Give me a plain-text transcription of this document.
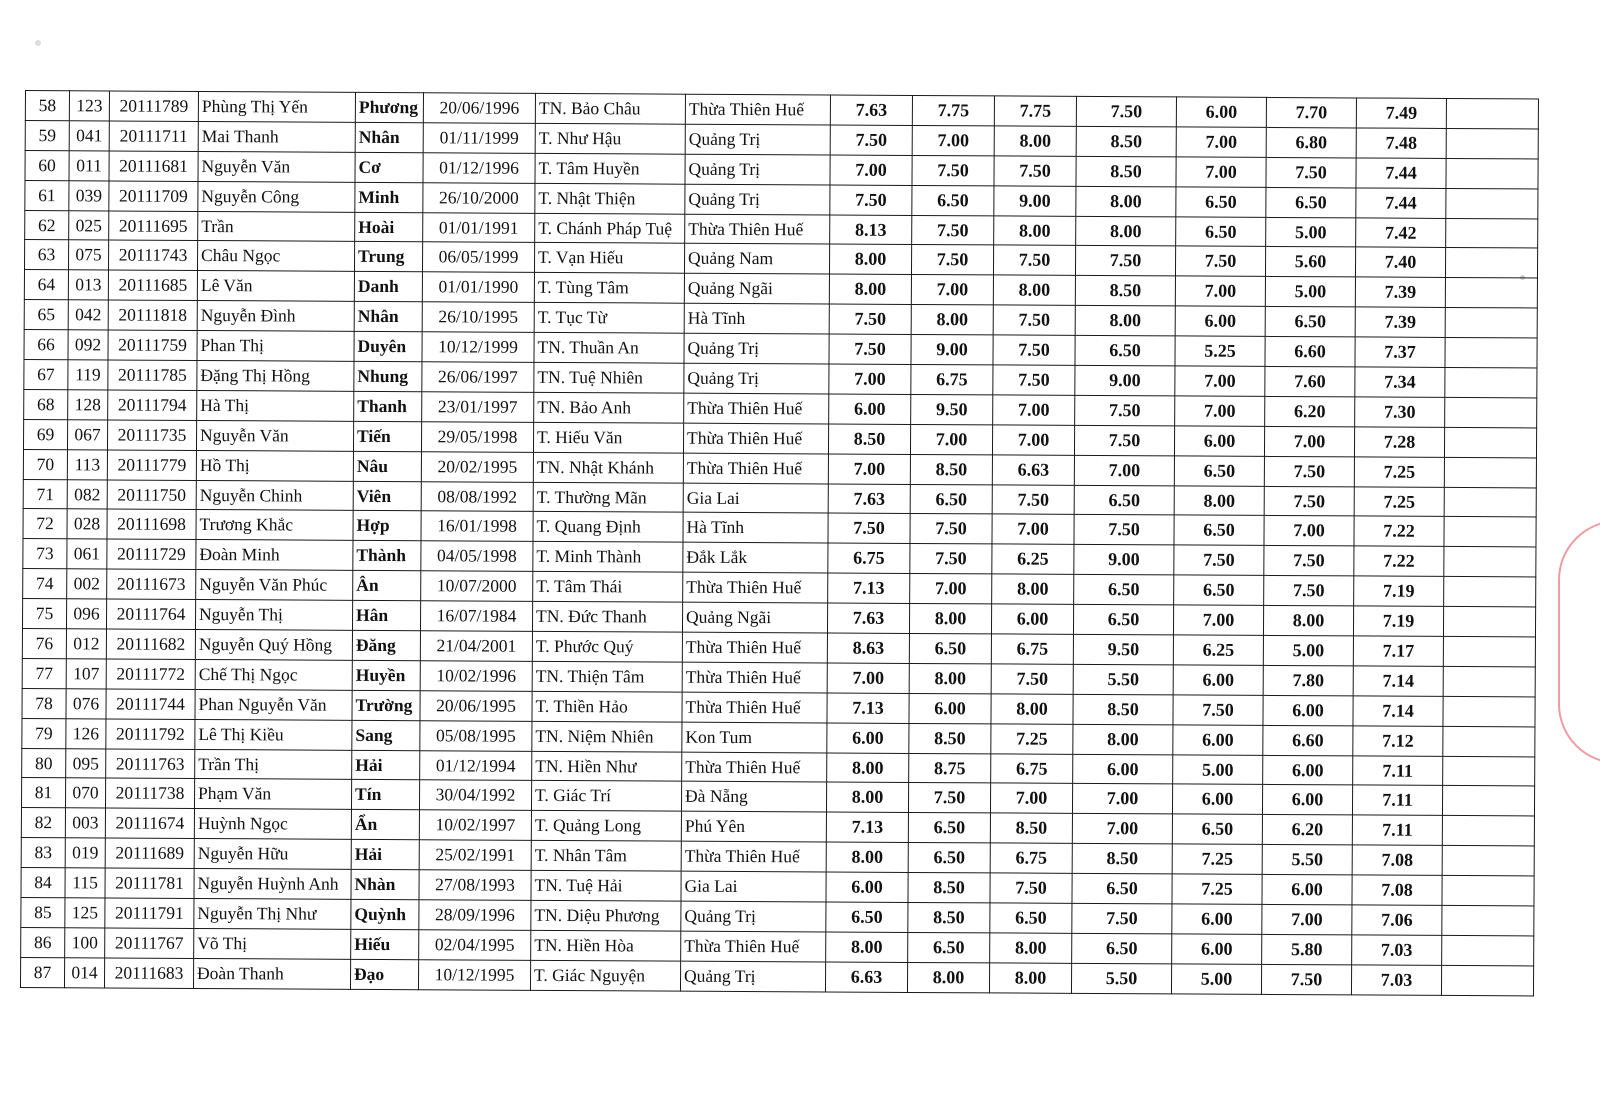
58	123	20111789	Phùng Thị Yến	Phương	20/06/1996	TN. Bảo Châu	Thừa Thiên Huế	7.63	7.75	7.75	7.50	6.00	7.70	7.49	
59	041	20111711	Mai Thanh	Nhân	01/11/1999	T. Như Hậu	Quảng Trị	7.50	7.00	8.00	8.50	7.00	6.80	7.48	
60	011	20111681	Nguyễn Văn	Cơ	01/12/1996	T. Tâm Huyền	Quảng Trị	7.00	7.50	7.50	8.50	7.00	7.50	7.44	
61	039	20111709	Nguyễn Công	Minh	26/10/2000	T. Nhật Thiện	Quảng Trị	7.50	6.50	9.00	8.00	6.50	6.50	7.44	
62	025	20111695	Trần	Hoài	01/01/1991	T. Chánh Pháp Tuệ	Thừa Thiên Huế	8.13	7.50	8.00	8.00	6.50	5.00	7.42	
63	075	20111743	Châu Ngọc	Trung	06/05/1999	T. Vạn Hiếu	Quảng Nam	8.00	7.50	7.50	7.50	7.50	5.60	7.40	
64	013	20111685	Lê Văn	Danh	01/01/1990	T. Tùng Tâm	Quảng Ngãi	8.00	7.00	8.00	8.50	7.00	5.00	7.39	
65	042	20111818	Nguyễn Đình	Nhân	26/10/1995	T. Tục Từ	Hà Tĩnh	7.50	8.00	7.50	8.00	6.00	6.50	7.39	
66	092	20111759	Phan Thị	Duyên	10/12/1999	TN. Thuần An	Quảng Trị	7.50	9.00	7.50	6.50	5.25	6.60	7.37	
67	119	20111785	Đặng Thị Hồng	Nhung	26/06/1997	TN. Tuệ Nhiên	Quảng Trị	7.00	6.75	7.50	9.00	7.00	7.60	7.34	
68	128	20111794	Hà Thị	Thanh	23/01/1997	TN. Bảo Anh	Thừa Thiên Huế	6.00	9.50	7.00	7.50	7.00	6.20	7.30	
69	067	20111735	Nguyễn Văn	Tiến	29/05/1998	T. Hiếu Văn	Thừa Thiên Huế	8.50	7.00	7.00	7.50	6.00	7.00	7.28	
70	113	20111779	Hồ Thị	Nâu	20/02/1995	TN. Nhật Khánh	Thừa Thiên Huế	7.00	8.50	6.63	7.00	6.50	7.50	7.25	
71	082	20111750	Nguyễn Chinh	Viên	08/08/1992	T. Thường Mãn	Gia Lai	7.63	6.50	7.50	6.50	8.00	7.50	7.25	
72	028	20111698	Trương Khắc	Hợp	16/01/1998	T. Quang Định	Hà Tĩnh	7.50	7.50	7.00	7.50	6.50	7.00	7.22	
73	061	20111729	Đoàn Minh	Thành	04/05/1998	T. Minh Thành	Đắk Lắk	6.75	7.50	6.25	9.00	7.50	7.50	7.22	
74	002	20111673	Nguyễn Văn Phúc	Ân	10/07/2000	T. Tâm Thái	Thừa Thiên Huế	7.13	7.00	8.00	6.50	6.50	7.50	7.19	
75	096	20111764	Nguyễn Thị	Hân	16/07/1984	TN. Đức Thanh	Quảng Ngãi	7.63	8.00	6.00	6.50	7.00	8.00	7.19	
76	012	20111682	Nguyễn Quý Hồng	Đăng	21/04/2001	T. Phước Quý	Thừa Thiên Huế	8.63	6.50	6.75	9.50	6.25	5.00	7.17	
77	107	20111772	Chế Thị Ngọc	Huyền	10/02/1996	TN. Thiện Tâm	Thừa Thiên Huế	7.00	8.00	7.50	5.50	6.00	7.80	7.14	
78	076	20111744	Phan Nguyễn Văn	Trường	20/06/1995	T. Thiền Hảo	Thừa Thiên Huế	7.13	6.00	8.00	8.50	7.50	6.00	7.14	
79	126	20111792	Lê Thị Kiều	Sang	05/08/1995	TN. Niệm Nhiên	Kon Tum	6.00	8.50	7.25	8.00	6.00	6.60	7.12	
80	095	20111763	Trần Thị	Hải	01/12/1994	TN. Hiền Như	Thừa Thiên Huế	8.00	8.75	6.75	6.00	5.00	6.00	7.11	
81	070	20111738	Phạm Văn	Tín	30/04/1992	T. Giác Trí	Đà Nẵng	8.00	7.50	7.00	7.00	6.00	6.00	7.11	
82	003	20111674	Huỳnh Ngọc	Ẩn	10/02/1997	T. Quảng Long	Phú Yên	7.13	6.50	8.50	7.00	6.50	6.20	7.11	
83	019	20111689	Nguyễn Hữu	Hải	25/02/1991	T. Nhân Tâm	Thừa Thiên Huế	8.00	6.50	6.75	8.50	7.25	5.50	7.08	
84	115	20111781	Nguyễn Huỳnh Anh	Nhàn	27/08/1993	TN. Tuệ Hải	Gia Lai	6.00	8.50	7.50	6.50	7.25	6.00	7.08	
85	125	20111791	Nguyễn Thị Như	Quỳnh	28/09/1996	TN. Diệu Phương	Quảng Trị	6.50	8.50	6.50	7.50	6.00	7.00	7.06	
86	100	20111767	Võ Thị	Hiếu	02/04/1995	TN. Hiền Hòa	Thừa Thiên Huế	8.00	6.50	8.00	6.50	6.00	5.80	7.03	
87	014	20111683	Đoàn Thanh	Đạo	10/12/1995	T. Giác Nguyện	Quảng Trị	6.63	8.00	8.00	5.50	5.00	7.50	7.03	
